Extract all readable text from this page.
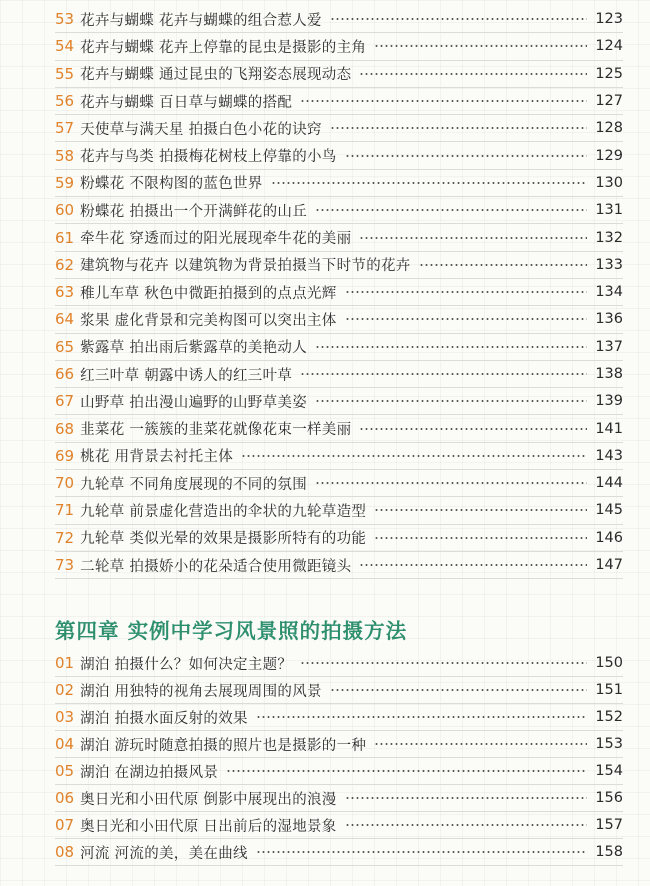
53 花卉与蝴蝶 花卉与蝴蝶的组合惹人爱	123
54 花卉与蝴蝶 花卉上停靠的昆虫是摄影的主角	124
55 花卉与蝴蝶 通过昆虫的飞翔姿态展现动态	125
56 花卉与蝴蝶 百日草与蝴蝶的搭配	127
57 天使草与满天星 拍摄白色小花的诀窍	128
58 花卉与鸟类 拍摄梅花树枝上停靠的小鸟	129
59 粉蝶花 不限构图的蓝色世界	130
60 粉蝶花 拍摄出一个开满鲜花的山丘	131
61 牵牛花 穿透而过的阳光展现牵牛花的美丽	132
62 建筑物与花卉 以建筑物为背景拍摄当下时节的花卉	133
63 稚儿车草 秋色中微距拍摄到的点点光辉	134
64 浆果 虚化背景和完美构图可以突出主体	136
65 紫露草 拍出雨后紫露草的美艳动人	137
66 红三叶草 朝露中诱人的红三叶草	138
67 山野草 拍出漫山遍野的山野草美姿	139
68 韭菜花 一簇簇的韭菜花就像花束一样美丽	141
69 桃花 用背景去衬托主体	143
70 九轮草 不同角度展现的不同的氛围	144
71 九轮草 前景虚化营造出的伞状的九轮草造型	145
72 九轮草 类似光晕的效果是摄影所特有的功能	146
73 二轮草 拍摄娇小的花朵适合使用微距镜头	147
第四章 实例中学习风景照的拍摄方法
01 湖泊 拍摄什么？如何决定主题？	150
02 湖泊 用独特的视角去展现周围的风景	151
03 湖泊 拍摄水面反射的效果	152
04 湖泊 游玩时随意拍摄的照片也是摄影的一种	153
05 湖泊 在湖边拍摄风景	154
06 奥日光和小田代原 倒影中展现出的浪漫	156
07 奥日光和小田代原 日出前后的湿地景象	157
08 河流 河流的美，美在曲线	158
